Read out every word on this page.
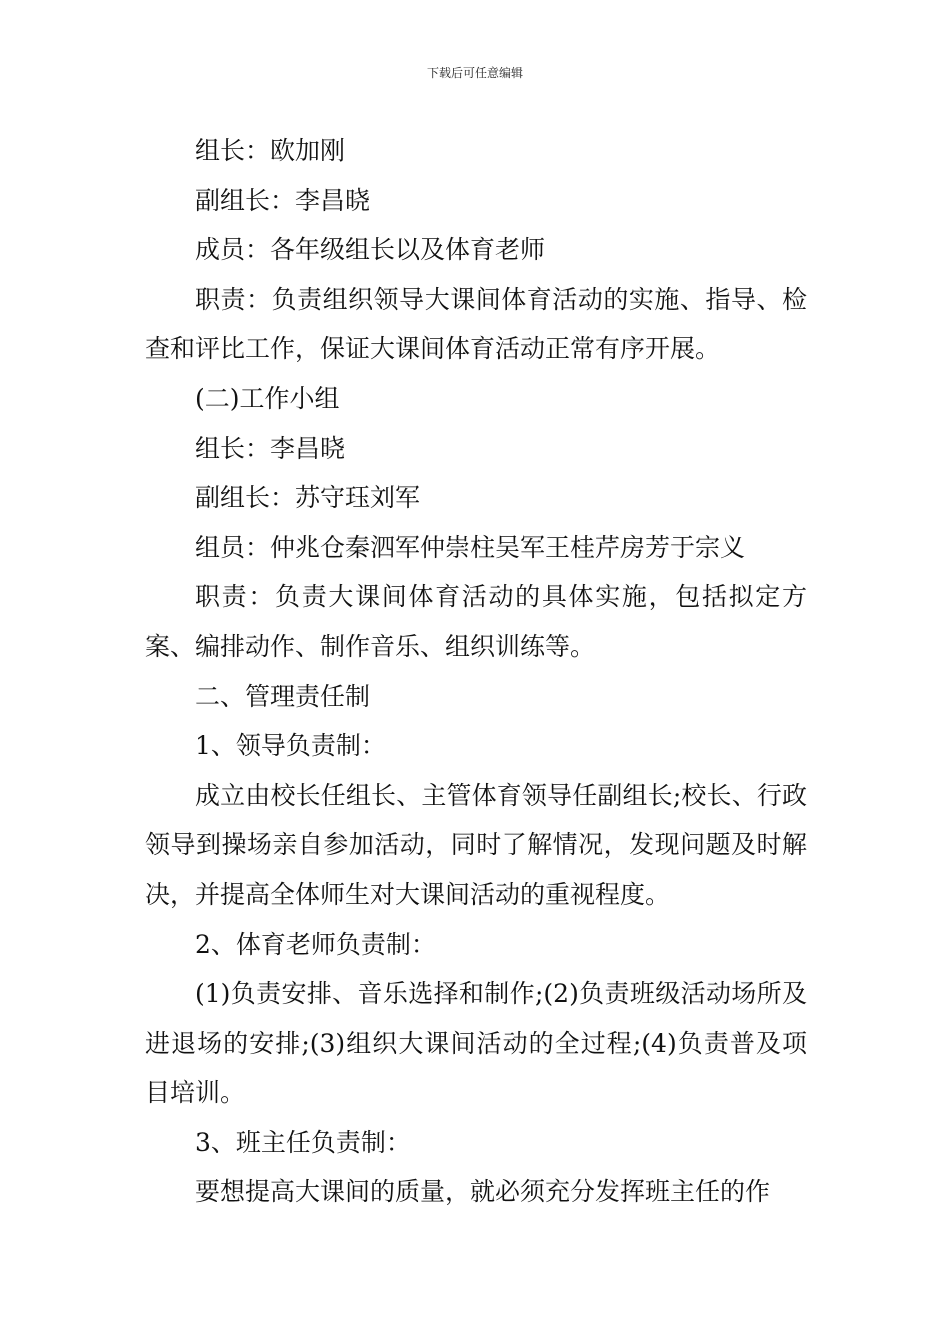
下载后可任意编辑

组长：欧加刚

副组长：李昌晓

成员：各年级组长以及体育老师

职责：负责组织领导大课间体育活动的实施、指导、检查和评比工作，保证大课间体育活动正常有序开展。

(二)工作小组

组长：李昌晓

副组长：苏守珏刘军

组员：仲兆仓秦泗军仲崇柱吴军王桂芹房芳于宗义

职责：负责大课间体育活动的具体实施，包括拟定方案、编排动作、制作音乐、组织训练等。

二、管理责任制

1、领导负责制：

成立由校长任组长、主管体育领导任副组长;校长、行政领导到操场亲自参加活动，同时了解情况，发现问题及时解决，并提高全体师生对大课间活动的重视程度。

2、体育老师负责制：

(1)负责安排、音乐选择和制作;(2)负责班级活动场所及进退场的安排;(3)组织大课间活动的全过程;(4)负责普及项目培训。

3、班主任负责制：

要想提高大课间的质量，就必须充分发挥班主任的作
